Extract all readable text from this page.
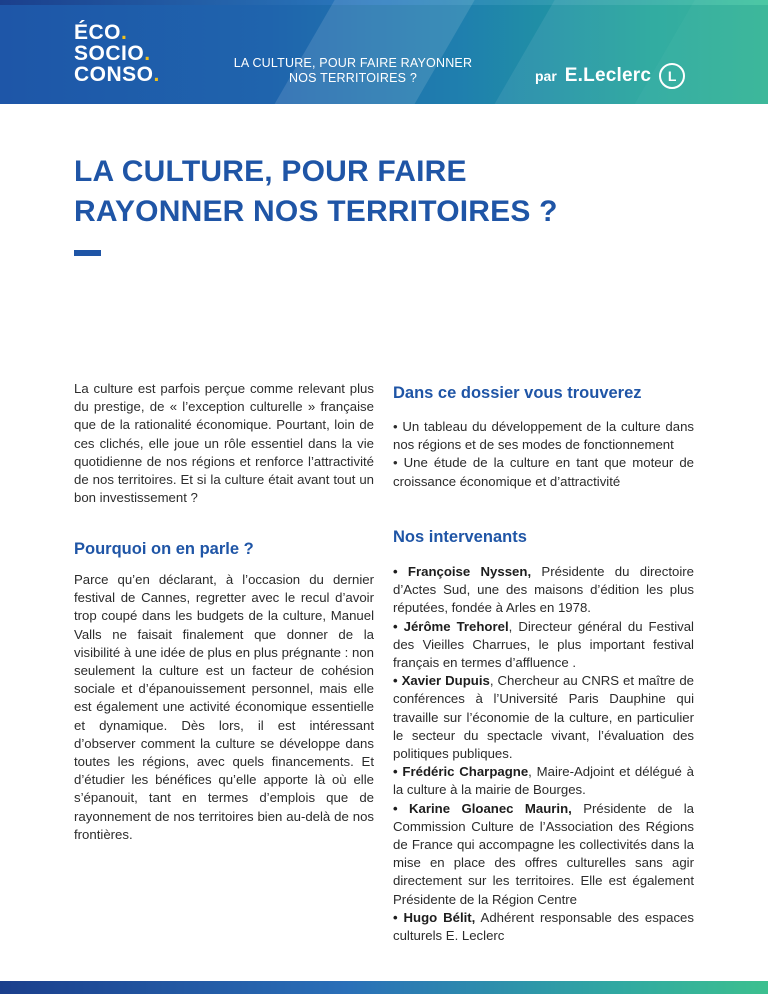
ÉCO.
SOCIO.
CONSO.	LA CULTURE, POUR FAIRE RAYONNER
NOS TERRITOIRES ?	par E.Leclerc L
LA CULTURE, POUR FAIRE
RAYONNER NOS TERRITOIRES ?

La culture est parfois perçue comme relevant plus du prestige, de « l’exception culturelle » française que de la rationalité économique. Pourtant, loin de ces clichés, elle joue un rôle essentiel dans la vie quotidienne de nos régions et renforce l’attractivité de nos territoires. Et si la culture était avant tout un bon investissement ?

Pourquoi on en parle ?

Parce qu’en déclarant, à l’occasion du dernier festival de Cannes, regretter avec le recul d’avoir trop coupé dans les budgets de la culture, Manuel Valls ne faisait finalement que donner de la visibilité à une idée de plus en plus prégnante : non seulement la culture est un facteur de cohésion sociale et d’épanouissement personnel, mais elle est également une activité économique essentielle et dynamique. Dès lors, il est intéressant d’observer comment la culture se développe dans toutes les régions, avec quels financements. Et d’étudier les bénéfices qu’elle apporte là où elle s’épanouit, tant en termes d’emplois que de rayonnement de nos territoires bien au-delà de nos frontières.

Dans ce dossier vous trouverez

• Un tableau du développement de la culture dans nos régions et de ses modes de fonctionnement

• Une étude de la culture en tant que moteur de croissance économique et d’attractivité

Nos intervenants

• Françoise Nyssen, Présidente du directoire d’Actes Sud, une des maisons d’édition les plus réputées, fondée à Arles en 1978.

• Jérôme Trehorel, Directeur général du Festival des Vieilles Charrues, le plus important festival français en termes d’affluence .

• Xavier Dupuis, Chercheur au CNRS et maître de conférences à l’Université Paris Dauphine qui travaille sur l’économie de la culture, en particulier le secteur du spectacle vivant, l’évaluation des politiques publiques.

• Frédéric Charpagne, Maire-Adjoint et délégué à la culture à la mairie de Bourges.

• Karine Gloanec Maurin, Présidente de la Commission Culture de l’Association des Régions de France qui accompagne les collectivités dans la mise en place des offres culturelles sans agir directement sur les territoires. Elle est également Présidente de la Région Centre

• Hugo Bélit, Adhérent responsable des espaces culturels E. Leclerc
